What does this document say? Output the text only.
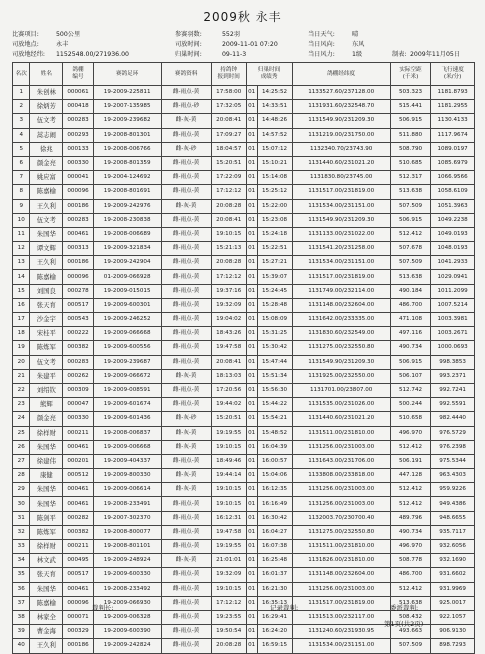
2009秋 永丰
比赛项目:	500公里	参赛羽数:	552羽	当日天气:	晴
司放地点:	永丰	司放时间:	2009-11-01 07:20	当日风向:	东风
司放地经纬: 1152548.00/271936.00	归巢时间:	09-11-3	当日风力:	1级	制表: 2009年11月05日
名次	姓名	鸽棚
编号	赛鸽足环	赛鸽资料	持鸽钟
报到时间	归巢时间
成绩秀		鸽棚经纬度	实际空距
(千米)	飞行速度
(米/分)
1	朱创林	000061	19-2009-225811	雌-雨点-黄	17:58:00	01	14:25:52	1133527.60/237128.00	503.323	1181.8793
2	徐炳芳	000418	19-2007-135985	雌-雨点-砂	17:32:05	01	14:33:51	1131931.60/232548.70	515.441	1181.2955
3	伍文考	000283	19-2009-239682	雌-灰-黄	20:08:41	01	14:48:26	1131549.90/231209.30	506.915	1130.4133
4	蒿志闹	000293	19-2008-801301	雌-雨点-黄	17:09:27	01	14:57:52	1131219.00/231750.00	511.880	1117.9674
5	徐兆	000133	19-2008-006766	雌-灰-砂	18:04:57	01	15:07:12	1132340.70/23743.90	508.790	1089.0197
6	颜金亮	000330	19-2008-801359	雌-雨点-黄	15:20:51	01	15:10:21	1131440.60/231021.20	510.685	1085.6979
7	姚应富	000041	19-2004-124692	雌-雨点-黄	17:22:09	01	15:14:08	1131830.80/23745.00	512.317	1066.9566
8	陈嘉榆	000096	19-2008-801691	雌-雨点-黄	17:12:12	01	15:25:12	1131517.00/231819.00	513.638	1058.6109
9	王久利	000186	19-2009-242976	雌-灰-黄	20:08:28	01	15:22:00	1131534.00/231151.00	507.509	1051.3963
10	伍文考	000283	19-2008-230838	雌-雨点-黄	20:08:41	01	15:23:08	1131549.90/231209.30	506.915	1049.2238
11	朱国华	000461	19-2008-006689	雌-雨点-黄	19:10:15	01	15:24:18	1131133.00/231022.00	512.412	1049.0193
12	谭文辉	000313	19-2009-321834	雌-雨点-黄	15:21:13	01	15:22:51	1131541.20/231258.00	507.678	1048.0193
13	王久利	000186	19-2009-242904	雌-雨点-黄	20:08:28	01	15:27:21	1131534.00/231151.00	507.509	1041.2933
14	陈嘉榆	000096	01-2009-066928	雌-雨点-黄	17:12:12	01	15:39:07	1131517.00/231819.00	513.638	1029.0941
15	刘国良	000278	19-2009-015015	雌-雨点-黄	19:37:16	01	15:24:45	1131749.00/232114.00	490.184	1011.2099
16	张天育	000517	19-2009-600301	雌-雨点-黄	19:32:09	01	15:28:48	1131148.00/232604.00	486.700	1007.5214
17	沙金宇	000543	19-2009-246252	雌-雨点-黄	19:04:02	01	15:08:09	1131642.00/233335.00	471.108	1003.3981
18	宋桂平	000222	19-2009-066668	雌-雨点-黄	18:43:26	01	15:31:25	1131830.60/232549.00	497.116	1003.2671
19	陈炼军	000382	19-2009-600556	雌-雨点-黄	19:47:58	01	15:30:42	1131275.00/232550.80	490.734	1000.0693
20	伍文考	000283	19-2009-239687	雌-雨点-黄	20:08:41	01	15:47:44	1131549.90/231209.30	506.915	998.3853
21	朱建平	000262	19-2009-066672	雌-灰-黄	18:13:03	01	15:51:34	1131925.00/232550.00	506.107	993.2371
22	刘绍钦	000309	19-2009-008591	雌-雨点-黄	17:20:56	01	15:56:30	1131701.00/23807.00	512.742	992.7241
23	熊辉	000047	19-2009-601674	雌-雨点-黄	19:44:02	01	15:44:22	1131535.00/231026.00	500.244	992.5591
24	颜金亮	000330	19-2009-601436	雌-灰-砂	15:20:51	01	15:54:21	1131440.60/231021.20	510.658	982.4440
25	徐样财	000211	19-2008-006837	雌-灰-黄	19:19:55	01	15:48:52	1131511.00/231810.00	496.970	976.5729
26	朱国华	000461	19-2009-006668	雌-灰-黄	19:10:15	01	16:04:39	1131256.00/231003.00	512.412	976.2398
27	徐建伟	000201	19-2009-404337	雌-雨点-黄	18:49:46	01	16:00:57	1131643.00/231706.00	506.191	975.5344
28	康健	000512	19-2009-800330	雌-灰-黄	19:44:14	01	15:04:06	1133808.00/233818.00	447.128	963.4303
29	朱国华	000461	19-2009-006614	雌-灰-黄	19:10:15	01	16:12:35	1131256.00/231003.00	512.412	959.9226
30	朱国华	000461	19-2008-233491	雌-雨点-黄	19:10:15	01	16:16:49	1131256.00/231003.00	512.412	949.4386
31	陈剑平	000282	19-2007-302370	雌-雨点-黄	16:12:31	01	16:30:42	1132003.70/230700.40	489.796	948.6655
32	陈炼军	000382	19-2008-800077	雌-雨点-黄	19:47:58	01	16:04:27	1131275.00/232550.80	490.734	935.7117
33	徐样财	000211	19-2008-801101	雌-雨点-黄	19:19:55	01	16:07:38	1131511.00/231810.00	496.970	932.6056
34	林文武	000495	19-2009-248924	雌-灰-黄	21:01:01	01	16:25:48	1131826.00/231810.00	508.778	932.1690
35	张天育	000517	19-2009-600330	雌-雨点-黄	19:32:09	01	16:01:37	1131148.00/232604.00	486.700	931.6602
36	朱国华	000461	19-2008-233492	雌-雨点-黄	19:10:15	01	16:21:30	1131256.00/231003.00	512.412	931.9969
37	陈嘉榆	000096	19-2009-066930	雌-雨点-黄	17:12:12	01	16:35:13	1131517.00/231819.00	513.638	925.0017
38	林家全	000071	19-2009-006328	雌-雨点-黄	19:23:55	01	16:29:41	1131513.00/232117.00	508.432	922.1057
39	曹金海	000329	19-2009-600390	雌-雨点-黄	19:50:54	01	16:24:20	1131240.60/231930.95	493.663	906.9130
40	王久利	000186	19-2009-242824	雌-雨点-黄	20:08:28	01	16:59:15	1131534.00/231151.00	507.509	898.7293
裁判长:	记录裁判:	委派裁判:
第1页(共2页)
